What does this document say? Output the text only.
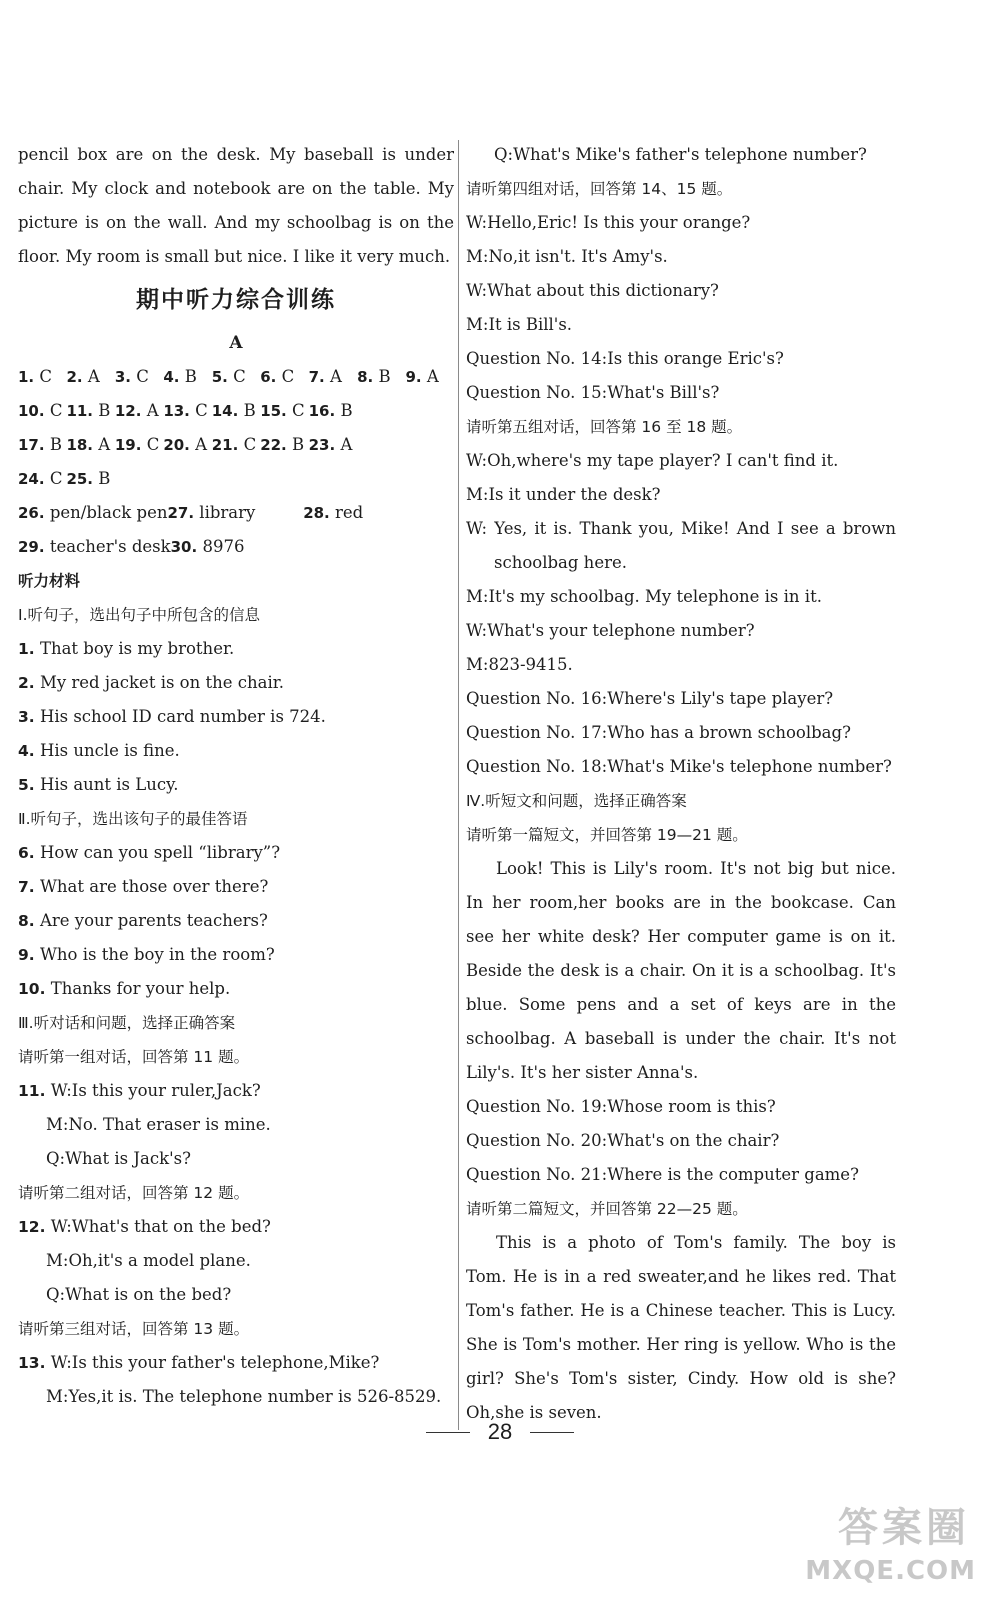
pencil box are on the desk. My baseball is under
chair. My clock and notebook are on the table. My
picture is on the wall. And my schoolbag is on the
floor. My room is small but nice. I like it very much.
期中听力综合训练
A
1. C 2. A	3. C 4. B 5. C 6. C 7. A	8. B 9. A
10. C 11. B 12. A 13. C 14. B 15. C 16. B
17. B 18. A 19. C 20. A 21. C 22. B 23. A
24. C 25. B
26. pen/black pen 27. library	28. red
29. teacher's desk 30. 8976
听力材料
Ⅰ.听句子，选出句子中所包含的信息
1. That boy is my brother.
2. My red jacket is on the chair.
3. His school ID card number is 724.
4. His uncle is fine.
5. His aunt is Lucy.
Ⅱ.听句子，选出该句子的最佳答语
6. How can you spell “library”?
7. What are those over there?
8. Are your parents teachers?
9. Who is the boy in the room?
10. Thanks for your help.
Ⅲ.听对话和问题，选择正确答案
请听第一组对话，回答第 11 题。
11. W:Is this your ruler,Jack?
M:No. That eraser is mine.
Q:What is Jack's?
请听第二组对话，回答第 12 题。
12. W:What's that on the bed?
M:Oh,it's a model plane.
Q:What is on the bed?
请听第三组对话，回答第 13 题。
13. W:Is this your father's telephone,Mike?
M:Yes,it is. The telephone number is 526-8529.
Q:What's Mike's father's telephone number?
请听第四组对话，回答第 14、15 题。
W:Hello,Eric! Is this your orange?
M:No,it isn't. It's Amy's.
W:What about this dictionary?
M:It is Bill's.
Question No. 14:Is this orange Eric's?
Question No. 15:What's Bill's?
请听第五组对话，回答第 16 至 18 题。
W:Oh,where's my tape player? I can't find it.
M:Is it under the desk?
W: Yes, it is. Thank you, Mike! And I see a brown
schoolbag here.
M:It's my schoolbag. My telephone is in it.
W:What's your telephone number?
M:823-9415.
Question No. 16:Where's Lily's tape player?
Question No. 17:Who has a brown schoolbag?
Question No. 18:What's Mike's telephone number?
Ⅳ.听短文和问题，选择正确答案
请听第一篇短文，并回答第 19—21 题。
Look! This is Lily's room. It's not big but nice.
In her room,her books are in the bookcase. Can
see her white desk? Her computer game is on it.
Beside the desk is a chair. On it is a schoolbag. It's
blue. Some pens and a set of keys are in the
schoolbag. A baseball is under the chair. It's not
Lily's. It's her sister Anna's.
Question No. 19:Whose room is this?
Question No. 20:What's on the chair?
Question No. 21:Where is the computer game?
请听第二篇短文，并回答第 22—25 题。
This is a photo of Tom's family. The boy is
Tom. He is in a red sweater,and he likes red. That
Tom's father. He is a Chinese teacher. This is Lucy.
She is Tom's mother. Her ring is yellow. Who is the
girl? She's Tom's sister, Cindy. How old is she?
Oh,she is seven.
28
答案圈
MXQE.COM
